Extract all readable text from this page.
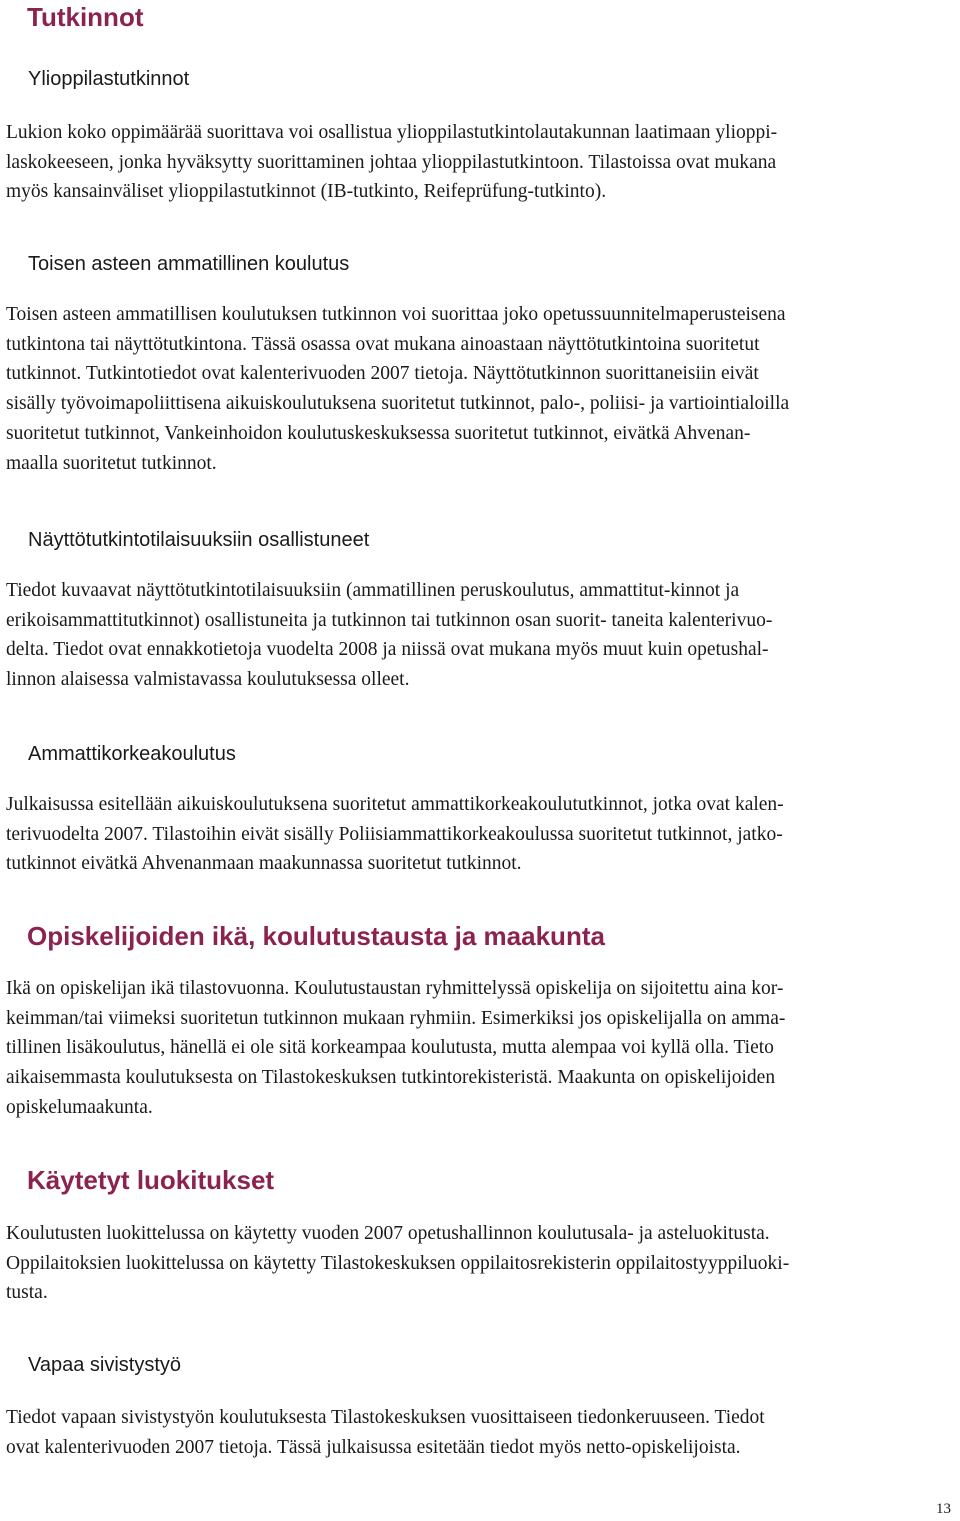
Tutkinnot
Ylioppilastutkinnot

Lukion koko oppimäärää suorittava voi osallistua ylioppilastutkintolautakunnan laatimaan ylioppi-
laskokeeseen, jonka hyväksytty suorittaminen johtaa ylioppilastutkintoon. Tilastoissa ovat mukana
myös kansainväliset ylioppilastutkinnot (IB-tutkinto, Reifeprüfung-tutkinto).

Toisen asteen ammatillinen koulutus

Toisen asteen ammatillisen koulutuksen tutkinnon voi suorittaa joko opetussuunnitelmaperusteisena
tutkintona tai näyttötutkintona. Tässä osassa ovat mukana ainoastaan näyttötutkintoina suoritetut
tutkinnot. Tutkintotiedot ovat kalenterivuoden 2007 tietoja. Näyttötutkinnon suorittaneisiin eivät
sisälly työvoimapoliittisena aikuiskoulutuksena suoritetut tutkinnot, palo-, poliisi- ja vartiointialoilla
suoritetut tutkinnot, Vankeinhoidon koulutuskeskuksessa suoritetut tutkinnot, eivätkä Ahvenan-
maalla suoritetut tutkinnot.

Näyttötutkintotilaisuuksiin osallistuneet

Tiedot kuvaavat näyttötutkintotilaisuuksiin (ammatillinen peruskoulutus, ammattitut-kinnot ja
erikoisammattitutkinnot) osallistuneita ja tutkinnon tai tutkinnon osan suorit- taneita kalenterivuo-
delta. Tiedot ovat ennakkotietoja vuodelta 2008 ja niissä ovat mukana myös muut kuin opetushal-
linnon alaisessa valmistavassa koulutuksessa olleet.

Ammattikorkeakoulutus

Julkaisussa esitellään aikuiskoulutuksena suoritetut ammattikorkeakoulututkinnot, jotka ovat kalen-
terivuodelta 2007. Tilastoihin eivät sisälly Poliisiammattikorkeakoulussa suoritetut tutkinnot, jatko-
tutkinnot eivätkä Ahvenanmaan maakunnassa suoritetut tutkinnot.

Opiskelijoiden ikä, koulutustausta ja maakunta

Ikä on opiskelijan ikä tilastovuonna. Koulutustaustan ryhmittelyssä opiskelija on sijoitettu aina kor-
keimman/tai viimeksi suoritetun tutkinnon mukaan ryhmiin. Esimerkiksi jos opiskelijalla on amma-
tillinen lisäkoulutus, hänellä ei ole sitä korkeampaa koulutusta, mutta alempaa voi kyllä olla. Tieto
aikaisemmasta koulutuksesta on Tilastokeskuksen tutkintorekisteristä. Maakunta on opiskelijoiden
opiskelumaakunta.

Käytetyt luokitukset

Koulutusten luokittelussa on käytetty vuoden 2007 opetushallinnon koulutusala- ja asteluokitusta.
Oppilaitoksien luokittelussa on käytetty Tilastokeskuksen oppilaitosrekisterin oppilaitostyyppiluoki-
tusta.

Vapaa sivistystyö

Tiedot vapaan sivistystyön koulutuksesta Tilastokeskuksen vuosittaiseen tiedonkeruuseen. Tiedot
ovat kalenterivuoden 2007 tietoja. Tässä julkaisussa esitetään tiedot myös netto-opiskelijoista.

13
